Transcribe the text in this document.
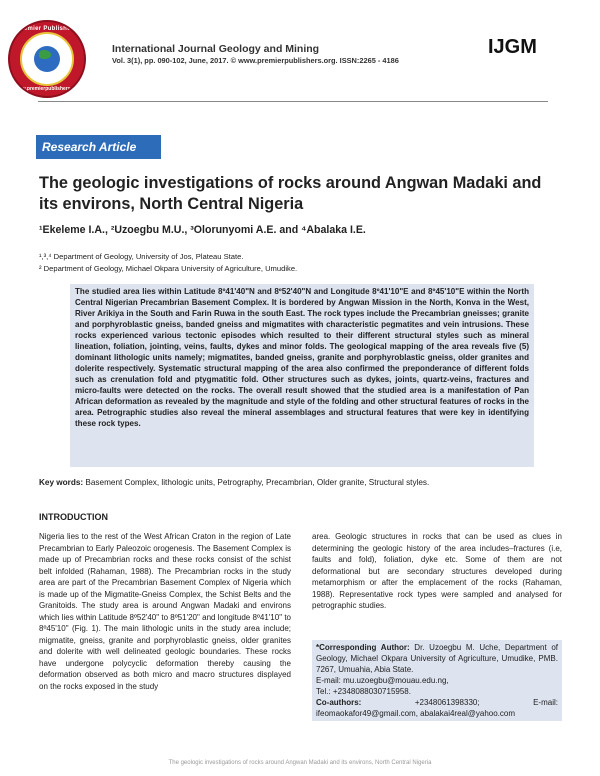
Premier Publishers
www.premierpublishers.org
International Journal Geology and Mining
Vol. 3(1), pp. 090-102, June, 2017. © www.premierpublishers.org. ISSN:2265 - 4186
IJGM
Research Article
The geologic investigations of rocks around Angwan Madaki and its environs, North Central Nigeria
¹Ekeleme I.A., ²Uzoegbu M.U., ³Olorunyomi A.E. and ⁴Abalaka I.E.
¹,³,⁴ Department of Geology, University of Jos, Plateau State.
² Department of Geology, Michael Okpara University of Agriculture, Umudike.
The studied area lies within Latitude 8º41'40"N and 8º52'40"N and Longitude 8º41'10"E and 8º45'10"E within the North Central Nigerian Precambrian Basement Complex. It is bordered by Angwan Mission in the North, Konva in the West, River Arikiya in the South and Farin Ruwa in the south East. The rock types include the Precambrian gneisses; granite and porphyroblastic gneiss, banded gneiss and migmatites with characteristic pegmatites and vein intrusions. These rocks experienced various tectonic episodes which resulted to their different structural styles such as mineral lineation, foliation, jointing, veins, faults, dykes and minor folds. The geological mapping of the area reveals five (5) dominant lithologic units namely; migmatites, banded gneiss, granite and porphyroblastic gneiss, older granites and dolerite respectively. Systematic structural mapping of the area also confirmed the preponderance of different folds such as crenulation fold and ptygmatitic fold. Other structures such as dykes, joints, quartz-veins, fractures and micro-faults were detected on the rocks. The overall result showed that the studied area is a manifestation of Pan African deformation as revealed by the magnitude and style of the folding and other structural features of rocks in the area. Petrographic studies also reveal the mineral assemblages and structural features that were key in identifying these rock types.
Key words: Basement Complex, lithologic units, Petrography, Precambrian, Older granite, Structural styles.
INTRODUCTION
Nigeria lies to the rest of the West African Craton in the region of Late Precambrian to Early Paleozoic orogenesis. The Basement Complex is made up of Precambrian rocks and these rocks consist of the schist belt infolded (Rahaman, 1988). The Precambrian rocks in the study area are part of the Precambrian Basement Complex of Nigeria which is made up of the Migmatite-Gneiss Complex, the Schist Belts and the Granitoids. The study area is around Angwan Madaki and environs which lies within Latitude 8º52'40" to 8º51'20" and longitude 8º41'10" to 8º45'10" (Fig. 1). The main lithologic units in the study area include; migmatite, gneiss, granite and porphyroblastic gneiss, older granites and dolerite with well delineated geologic boundaries. These rocks have undergone polycyclic deformation thereby causing the deformation observed as both micro and macro structures displayed on the rocks exposed in the study
area. Geologic structures in rocks that can be used as clues in determining the geologic history of the area includes–fractures (i.e, faults and fold), foliation, dyke etc. Some of them are not deformational but are secondary structures developed during metamorphism or after the emplacement of the rocks (Rahaman, 1988). Representative rock types were sampled and analysed for petrographic studies.
*Corresponding Author: Dr. Uzoegbu M. Uche, Department of Geology, Michael Okpara University of Agriculture, Umudike, PMB. 7267, Umuahia, Abia State.
E-mail: mu.uzoegbu@mouau.edu.ng,
Tel.: +2348088030715958.
Co-authors:	+2348061398330;	E-mail:
ifeomaokafor49@gmail.com, abalakai4real@yahoo.com
The geologic investigations of rocks around Angwan Madaki and its environs, North Central Nigeria
